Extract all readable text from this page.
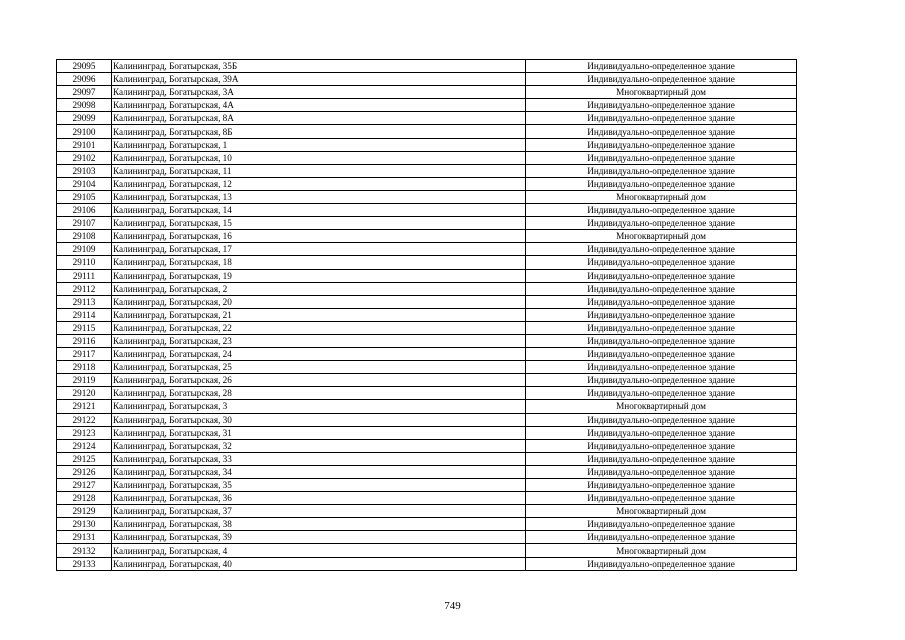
29095	Калининград, Богатырская, 35Б	Индивидуально-определенное здание
29096	Калининград, Богатырская, 39А	Индивидуально-определенное здание
29097	Калининград, Богатырская, 3А	Многоквартирный дом
29098	Калининград, Богатырская, 4А	Индивидуально-определенное здание
29099	Калининград, Богатырская, 8А	Индивидуально-определенное здание
29100	Калининград, Богатырская, 8Б	Индивидуально-определенное здание
29101	Калининград, Богатырская, 1	Индивидуально-определенное здание
29102	Калининград, Богатырская, 10	Индивидуально-определенное здание
29103	Калининград, Богатырская, 11	Индивидуально-определенное здание
29104	Калининград, Богатырская, 12	Индивидуально-определенное здание
29105	Калининград, Богатырская, 13	Многоквартирный дом
29106	Калининград, Богатырская, 14	Индивидуально-определенное здание
29107	Калининград, Богатырская, 15	Индивидуально-определенное здание
29108	Калининград, Богатырская, 16	Многоквартирный дом
29109	Калининград, Богатырская, 17	Индивидуально-определенное здание
29110	Калининград, Богатырская, 18	Индивидуально-определенное здание
29111	Калининград, Богатырская, 19	Индивидуально-определенное здание
29112	Калининград, Богатырская, 2	Индивидуально-определенное здание
29113	Калининград, Богатырская, 20	Индивидуально-определенное здание
29114	Калининград, Богатырская, 21	Индивидуально-определенное здание
29115	Калининград, Богатырская, 22	Индивидуально-определенное здание
29116	Калининград, Богатырская, 23	Индивидуально-определенное здание
29117	Калининград, Богатырская, 24	Индивидуально-определенное здание
29118	Калининград, Богатырская, 25	Индивидуально-определенное здание
29119	Калининград, Богатырская, 26	Индивидуально-определенное здание
29120	Калининград, Богатырская, 28	Индивидуально-определенное здание
29121	Калининград, Богатырская, 3	Многоквартирный дом
29122	Калининград, Богатырская, 30	Индивидуально-определенное здание
29123	Калининград, Богатырская, 31	Индивидуально-определенное здание
29124	Калининград, Богатырская, 32	Индивидуально-определенное здание
29125	Калининград, Богатырская, 33	Индивидуально-определенное здание
29126	Калининград, Богатырская, 34	Индивидуально-определенное здание
29127	Калининград, Богатырская, 35	Индивидуально-определенное здание
29128	Калининград, Богатырская, 36	Индивидуально-определенное здание
29129	Калининград, Богатырская, 37	Многоквартирный дом
29130	Калининград, Богатырская, 38	Индивидуально-определенное здание
29131	Калининград, Богатырская, 39	Индивидуально-определенное здание
29132	Калининград, Богатырская, 4	Многоквартирный дом
29133	Калининград, Богатырская, 40	Индивидуально-определенное здание
749
